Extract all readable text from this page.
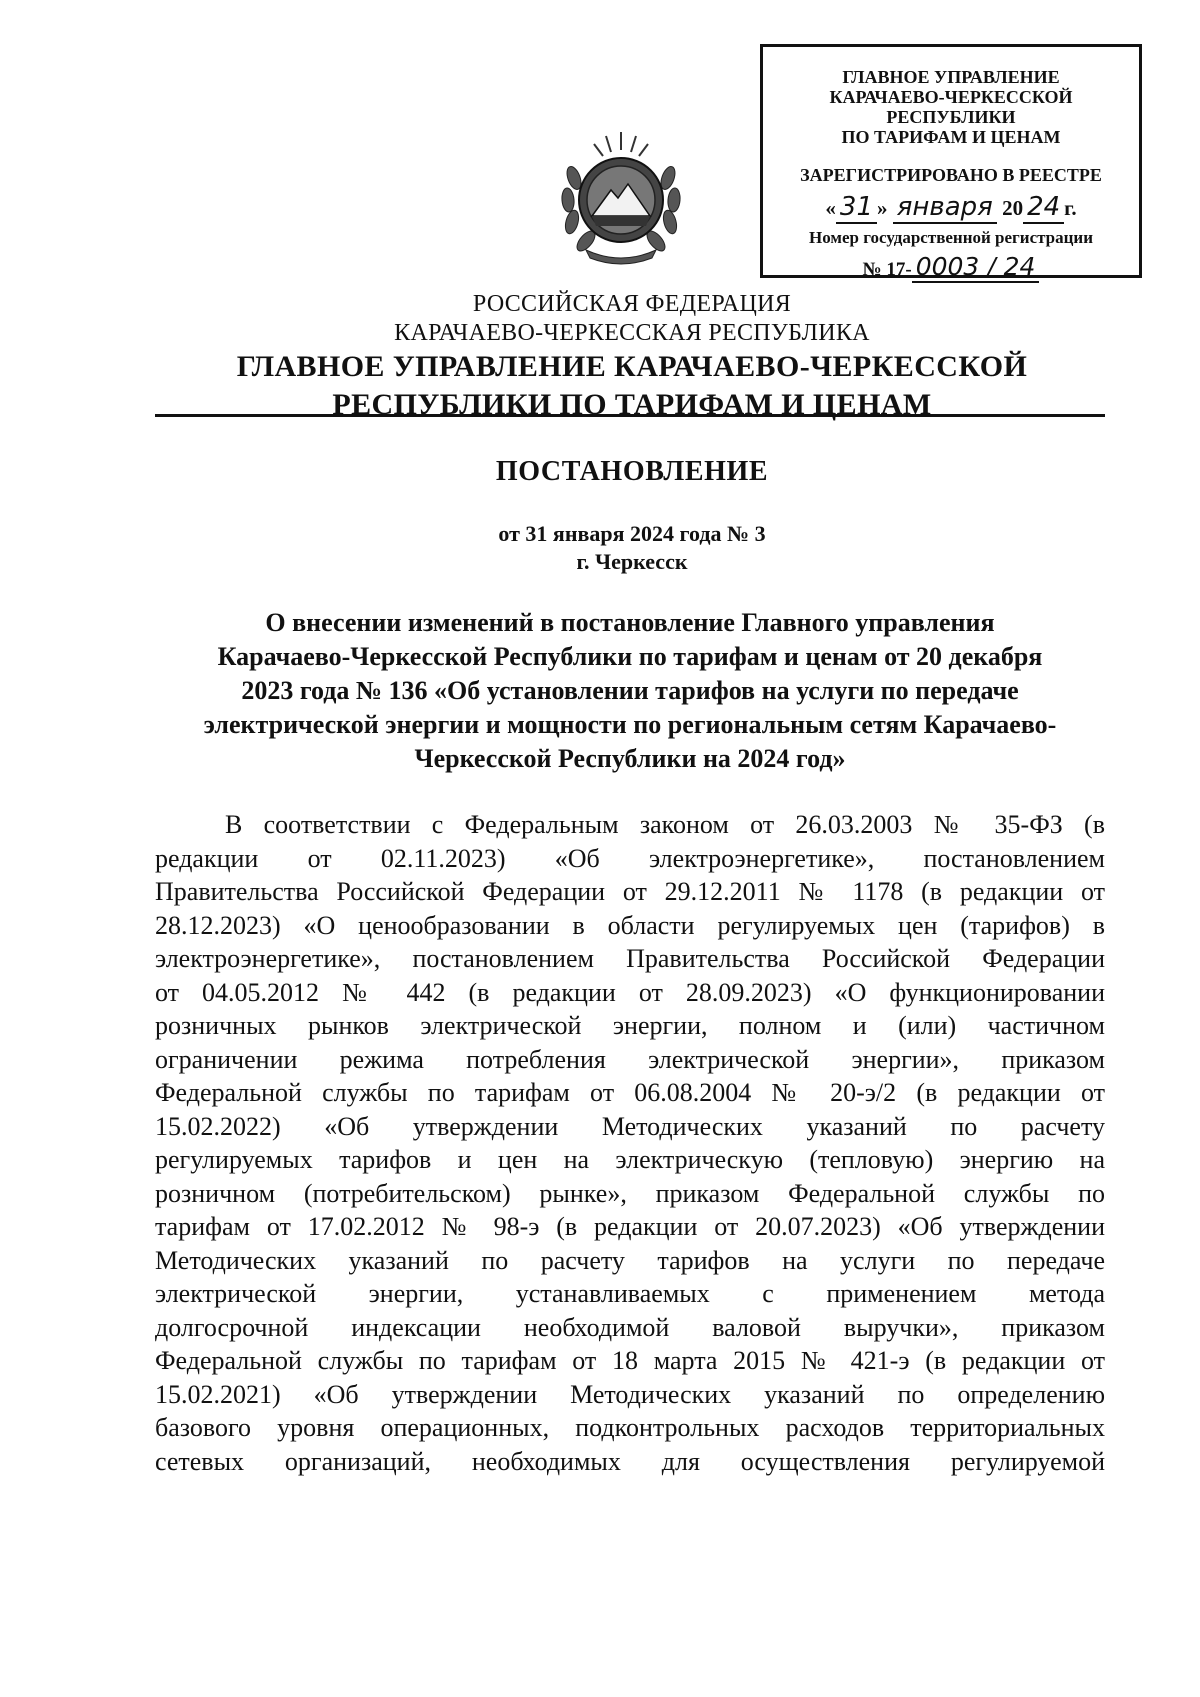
ГЛАВНОЕ УПРАВЛЕНИЕ
КАРАЧАЕВО-ЧЕРКЕССКОЙ РЕСПУБЛИКИ
ПО ТАРИФАМ И ЦЕНАМ
ЗАРЕГИСТРИРОВАНО В РЕЕСТРЕ
« 31 » января 20 24 г.
Номер государственной регистрации
№ 17- 0003 / 24
РОССИЙСКАЯ ФЕДЕРАЦИЯ
КАРАЧАЕВО-ЧЕРКЕССКАЯ РЕСПУБЛИКА
ГЛАВНОЕ УПРАВЛЕНИЕ КАРАЧАЕВО-ЧЕРКЕССКОЙ
РЕСПУБЛИКИ ПО ТАРИФАМ И ЦЕНАМ
ПОСТАНОВЛЕНИЕ
от 31 января 2024 года № 3
г. Черкесск
О внесении изменений в постановление Главного управления
Карачаево-Черкесской Республики по тарифам и ценам от 20 декабря
2023 года № 136 «Об установлении тарифов на услуги по передаче
электрической энергии и мощности по региональным сетям Карачаево-
Черкесской Республики на 2024 год»
В соответствии с Федеральным законом от 26.03.2003 № 35-ФЗ (в
редакции от 02.11.2023) «Об электроэнергетике», постановлением
Правительства Российской Федерации от 29.12.2011 № 1178 (в редакции от
28.12.2023) «О ценообразовании в области регулируемых цен (тарифов) в
электроэнергетике», постановлением Правительства Российской Федерации
от 04.05.2012 № 442 (в редакции от 28.09.2023) «О функционировании
розничных рынков электрической энергии, полном и (или) частичном
ограничении режима потребления электрической энергии», приказом
Федеральной службы по тарифам от 06.08.2004 № 20-э/2 (в редакции от
15.02.2022) «Об утверждении Методических указаний по расчету
регулируемых тарифов и цен на электрическую (тепловую) энергию на
розничном (потребительском) рынке», приказом Федеральной службы по
тарифам от 17.02.2012 № 98-э (в редакции от 20.07.2023) «Об утверждении
Методических указаний по расчету тарифов на услуги по передаче
электрической энергии, устанавливаемых с применением метода
долгосрочной индексации необходимой валовой выручки», приказом
Федеральной службы по тарифам от 18 марта 2015 № 421-э (в редакции от
15.02.2021) «Об утверждении Методических указаний по определению
базового уровня операционных, подконтрольных расходов территориальных
сетевых организаций, необходимых для осуществления регулируемой
